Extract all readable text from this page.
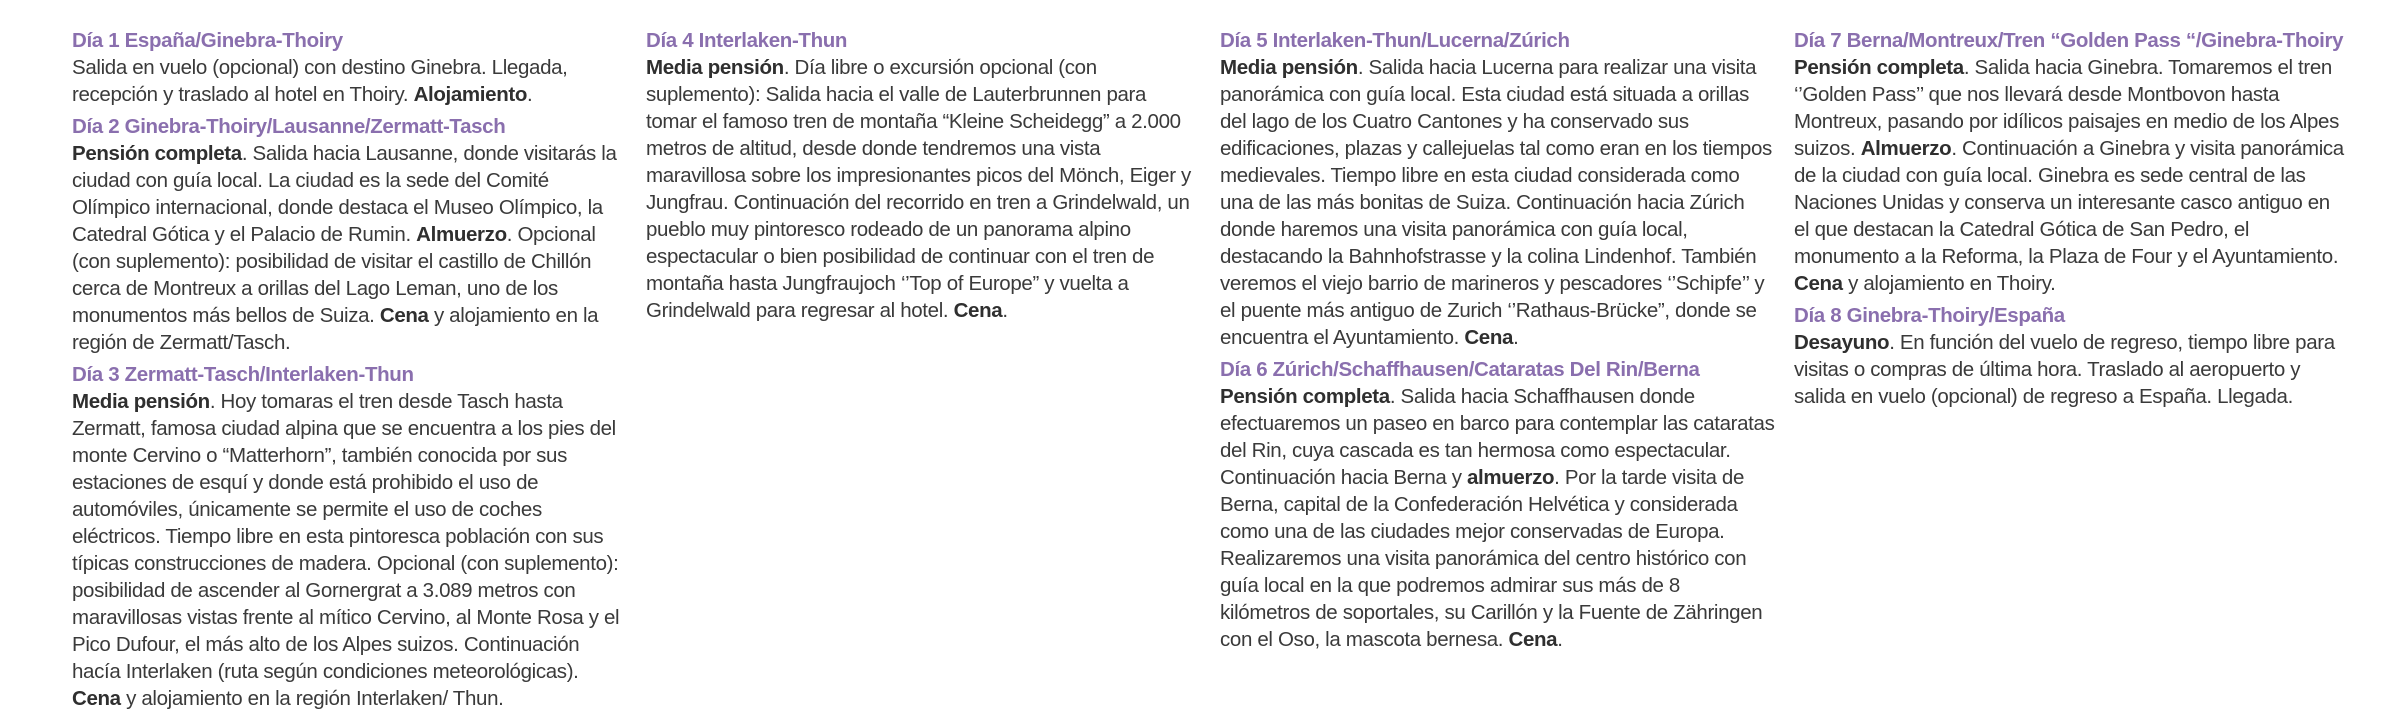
Día 1 España/Ginebra-Thoiry

Salida en vuelo (opcional) con destino Ginebra. Llegada, recepción y traslado al hotel en Thoiry. Alojamiento.

Día 2 Ginebra-Thoiry/Lausanne/Zermatt-Tasch

Pensión completa. Salida hacia Lausanne, donde visitarás la ciudad con guía local. La ciudad es la sede del Comité Olímpico internacional, donde destaca el Museo Olímpico, la Catedral Gótica y el Palacio de Rumin. Almuerzo. Opcional (con suplemento): posibilidad de visitar el castillo de Chillón cerca de Montreux a orillas del Lago Leman, uno de los monumentos más bellos de Suiza. Cena y alojamiento en la región de Zermatt/Tasch.

Día 3 Zermatt-Tasch/Interlaken-Thun

Media pensión. Hoy tomaras el tren desde Tasch hasta Zermatt, famosa ciudad alpina que se encuentra a los pies del monte Cervino o “Matterhorn”, también conocida por sus estaciones de esquí y donde está prohibido el uso de automóviles, únicamente se permite el uso de coches eléctricos. Tiempo libre en esta pintoresca población con sus típicas construcciones de madera. Opcional (con suplemento): posibilidad de ascender al Gornergrat a 3.089 metros con maravillosas vistas frente al mítico Cervino, al Monte Rosa y el Pico Dufour, el más alto de los Alpes suizos. Continuación hacía Interlaken (ruta según condiciones meteorológicas). Cena y alojamiento en la región Interlaken/ Thun.

Día 4 Interlaken-Thun

Media pensión. Día libre o excursión opcional (con suplemento): Salida hacia el valle de Lauterbrunnen para tomar el famoso tren de montaña “Kleine Scheidegg” a 2.000 metros de altitud, desde donde tendremos una vista maravillosa sobre los impresionantes picos del Mönch, Eiger y Jungfrau. Continuación del recorrido en tren a Grindelwald, un pueblo muy pintoresco rodeado de un panorama alpino espectacular o bien posibilidad de continuar con el tren de montaña hasta Jungfraujoch ‘’Top of Europe” y vuelta a Grindelwald para regresar al hotel. Cena.

Día 5 Interlaken-Thun/Lucerna/Zúrich

Media pensión. Salida hacia Lucerna para realizar una visita panorámica con guía local. Esta ciudad está situada a orillas del lago de los Cuatro Cantones y ha conservado sus edificaciones, plazas y callejuelas tal como eran en los tiempos medievales. Tiempo libre en esta ciudad considerada como una de las más bonitas de Suiza. Continuación hacia Zúrich donde haremos una visita panorámica con guía local, destacando la Bahnhofstrasse y la colina Lindenhof. También veremos el viejo barrio de marineros y pescadores ‘’Schipfe’’ y el puente más antiguo de Zurich ‘’Rathaus-Brücke”, donde se encuentra el Ayuntamiento. Cena.

Día 6 Zúrich/Schaffhausen/Cataratas Del Rin/Berna

Pensión completa. Salida hacia Schaffhausen donde efectuaremos un paseo en barco para contemplar las cataratas del Rin, cuya cascada es tan hermosa como espectacular. Continuación hacia Berna y almuerzo. Por la tarde visita de Berna, capital de la Confederación Helvética y considerada como una de las ciudades mejor conservadas de Europa. Realizaremos una visita panorámica del centro histórico con guía local en la que podremos admirar sus más de 8 kilómetros de soportales, su Carillón y la Fuente de Zähringen con el Oso, la mascota bernesa. Cena.

Día 7 Berna/Montreux/Tren “Golden Pass “/Ginebra-Thoiry

Pensión completa. Salida hacia Ginebra. Tomaremos el tren ‘’Golden Pass’’ que nos llevará desde Montbovon hasta Montreux, pasando por idílicos paisajes en medio de los Alpes suizos. Almuerzo. Continuación a Ginebra y visita panorámica de la ciudad con guía local. Ginebra es sede central de las Naciones Unidas y conserva un interesante casco antiguo en el que destacan la Catedral Gótica de San Pedro, el monumento a la Reforma, la Plaza de Four y el Ayuntamiento. Cena y alojamiento en Thoiry.

Día 8 Ginebra-Thoiry/España

Desayuno. En función del vuelo de regreso, tiempo libre para visitas o compras de última hora. Traslado al aeropuerto y salida en vuelo (opcional) de regreso a España. Llegada.
